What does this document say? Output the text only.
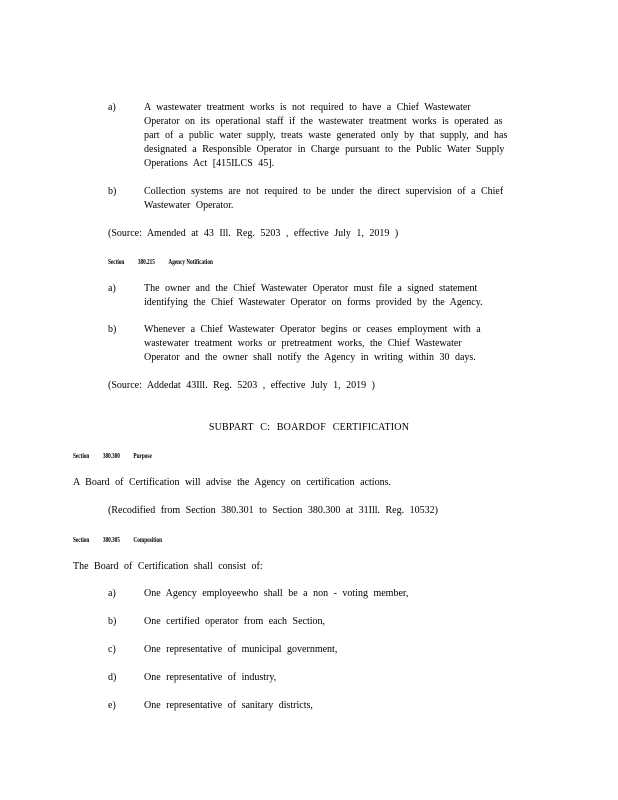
a)	A wastewater treatment works is not required to have a Chief Wastewater
Operator on its operational staff if the wastewater treatment works is operated as
part of a public water supply, treats waste generated only by that supply, and has
designated a Responsible Operator in Charge pursuant to the Public Water Supply
Operations Act [415ILCS 45].
b)	Collection systems are not required to be under the direct supervision of a Chief
Wastewater Operator.
(Source: Amended at 43 Ill. Reg. 5203 , effective July 1, 2019 )
Section 380.215 Agency Notification
a)	The owner and the Chief Wastewater Operator must file a signed statement
identifying the Chief Wastewater Operator on forms provided by the Agency.
b)	Whenever a Chief Wastewater Operator begins or ceases employment with a
wastewater treatment works or pretreatment works, the Chief Wastewater
Operator and the owner shall notify the Agency in writing within 30 days.
(Source: Addedat 43Ill. Reg. 5203 , effective July 1, 2019 )
SUBPART C: BOARDOF CERTIFICATION
Section 380.300 Purpose
A Board of Certification will advise the Agency on certification actions.
(Recodified from Section 380.301 to Section 380.300 at 31Ill. Reg. 10532)
Section 380.305 Composition
The Board of Certification shall consist of:
a)	One Agency employeewho shall be a non - voting member,
b)	One certified operator from each Section,
c)	One representative of municipal government,
d)	One representative of industry,
e)	One representative of sanitary districts,
